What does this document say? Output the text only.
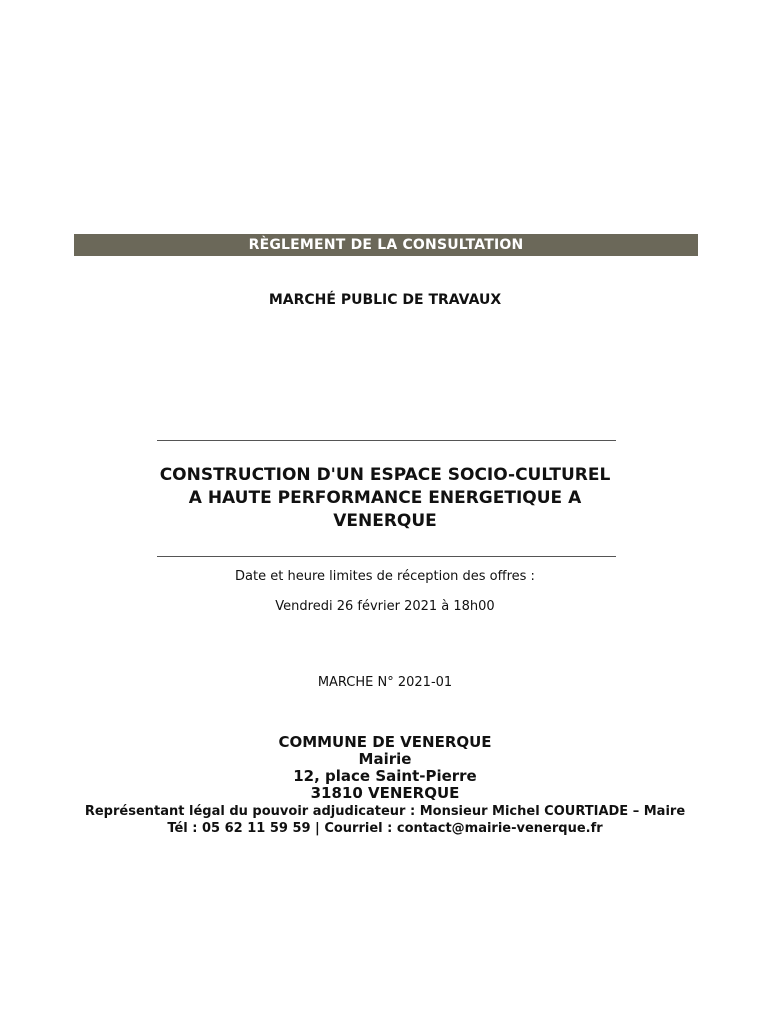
RÈGLEMENT DE LA CONSULTATION
MARCHÉ PUBLIC DE TRAVAUX
CONSTRUCTION D'UN ESPACE SOCIO-CULTUREL
A HAUTE PERFORMANCE ENERGETIQUE A
VENERQUE
Date et heure limites de réception des offres :
Vendredi 26 février 2021 à 18h00
MARCHE N° 2021-01
COMMUNE DE VENERQUE
Mairie
12, place Saint-Pierre
31810 VENERQUE
Représentant légal du pouvoir adjudicateur : Monsieur Michel COURTIADE – Maire
Tél : 05 62 11 59 59 | Courriel : contact@mairie-venerque.fr
